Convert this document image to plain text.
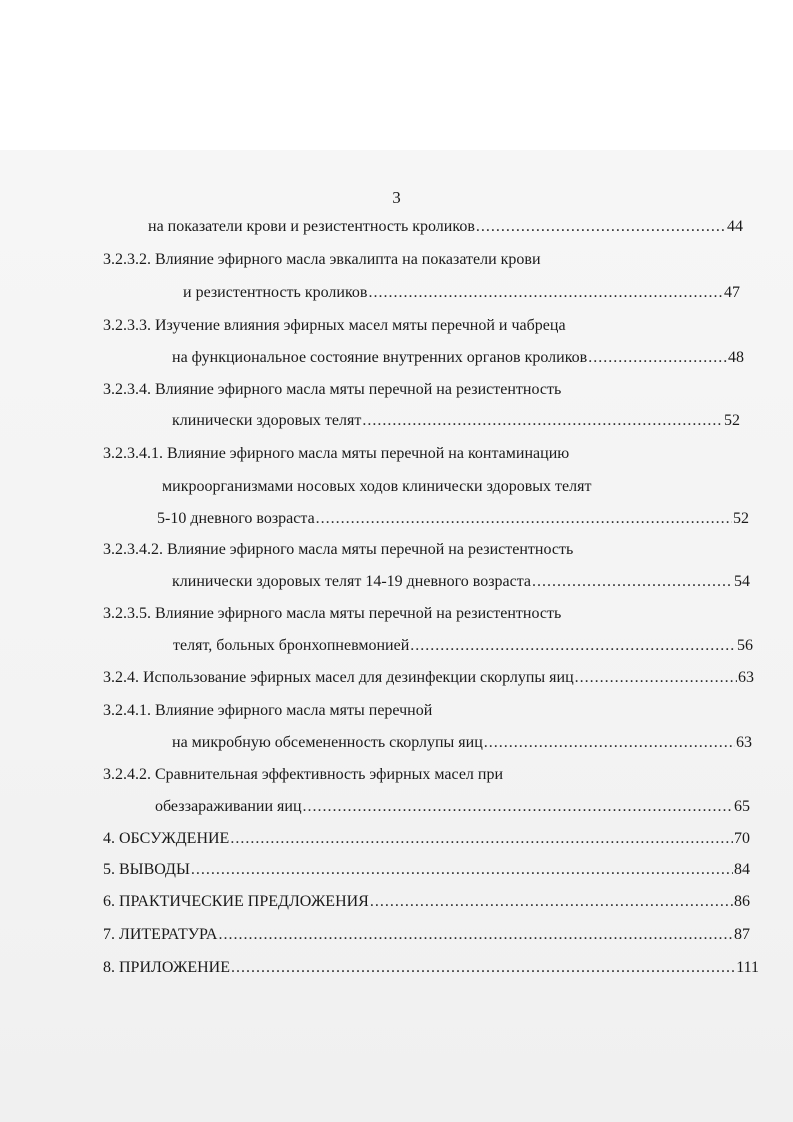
3
на показатели крови и резистентность кроликов .....	44
3.2.3.2. Влияние эфирного масла эвкалипта на показатели крови
и резистентность кроликов .....	47
3.2.3.3. Изучение влияния эфирных масел мяты перечной и чабреца
на функциональное состояние внутренних органов кроликов .....	48
3.2.3.4. Влияние эфирного масла мяты перечной на резистентность
клинически здоровых телят .....	52
3.2.3.4.1. Влияние эфирного масла мяты перечной на контаминацию
микроорганизмами носовых ходов клинически здоровых телят
5-10 дневного возраста .....	52
3.2.3.4.2. Влияние эфирного масла мяты перечной на резистентность
клинически здоровых телят 14-19 дневного возраста .....	54
3.2.3.5. Влияние эфирного масла мяты перечной на резистентность
телят, больных бронхопневмонией .....	56
3.2.4. Использование эфирных масел для дезинфекции скорлупы яиц .....	63
3.2.4.1. Влияние эфирного масла мяты перечной
на микробную обсемененность скорлупы яиц .....	63
3.2.4.2. Сравнительная эффективность эфирных масел при
обеззараживании яиц .....	65
4. ОБСУЖДЕНИЕ .....	70
5. ВЫВОДЫ .....	84
6. ПРАКТИЧЕСКИЕ ПРЕДЛОЖЕНИЯ .....	86
7. ЛИТЕРАТУРА .....	87
8. ПРИЛОЖЕНИЕ .....	111
